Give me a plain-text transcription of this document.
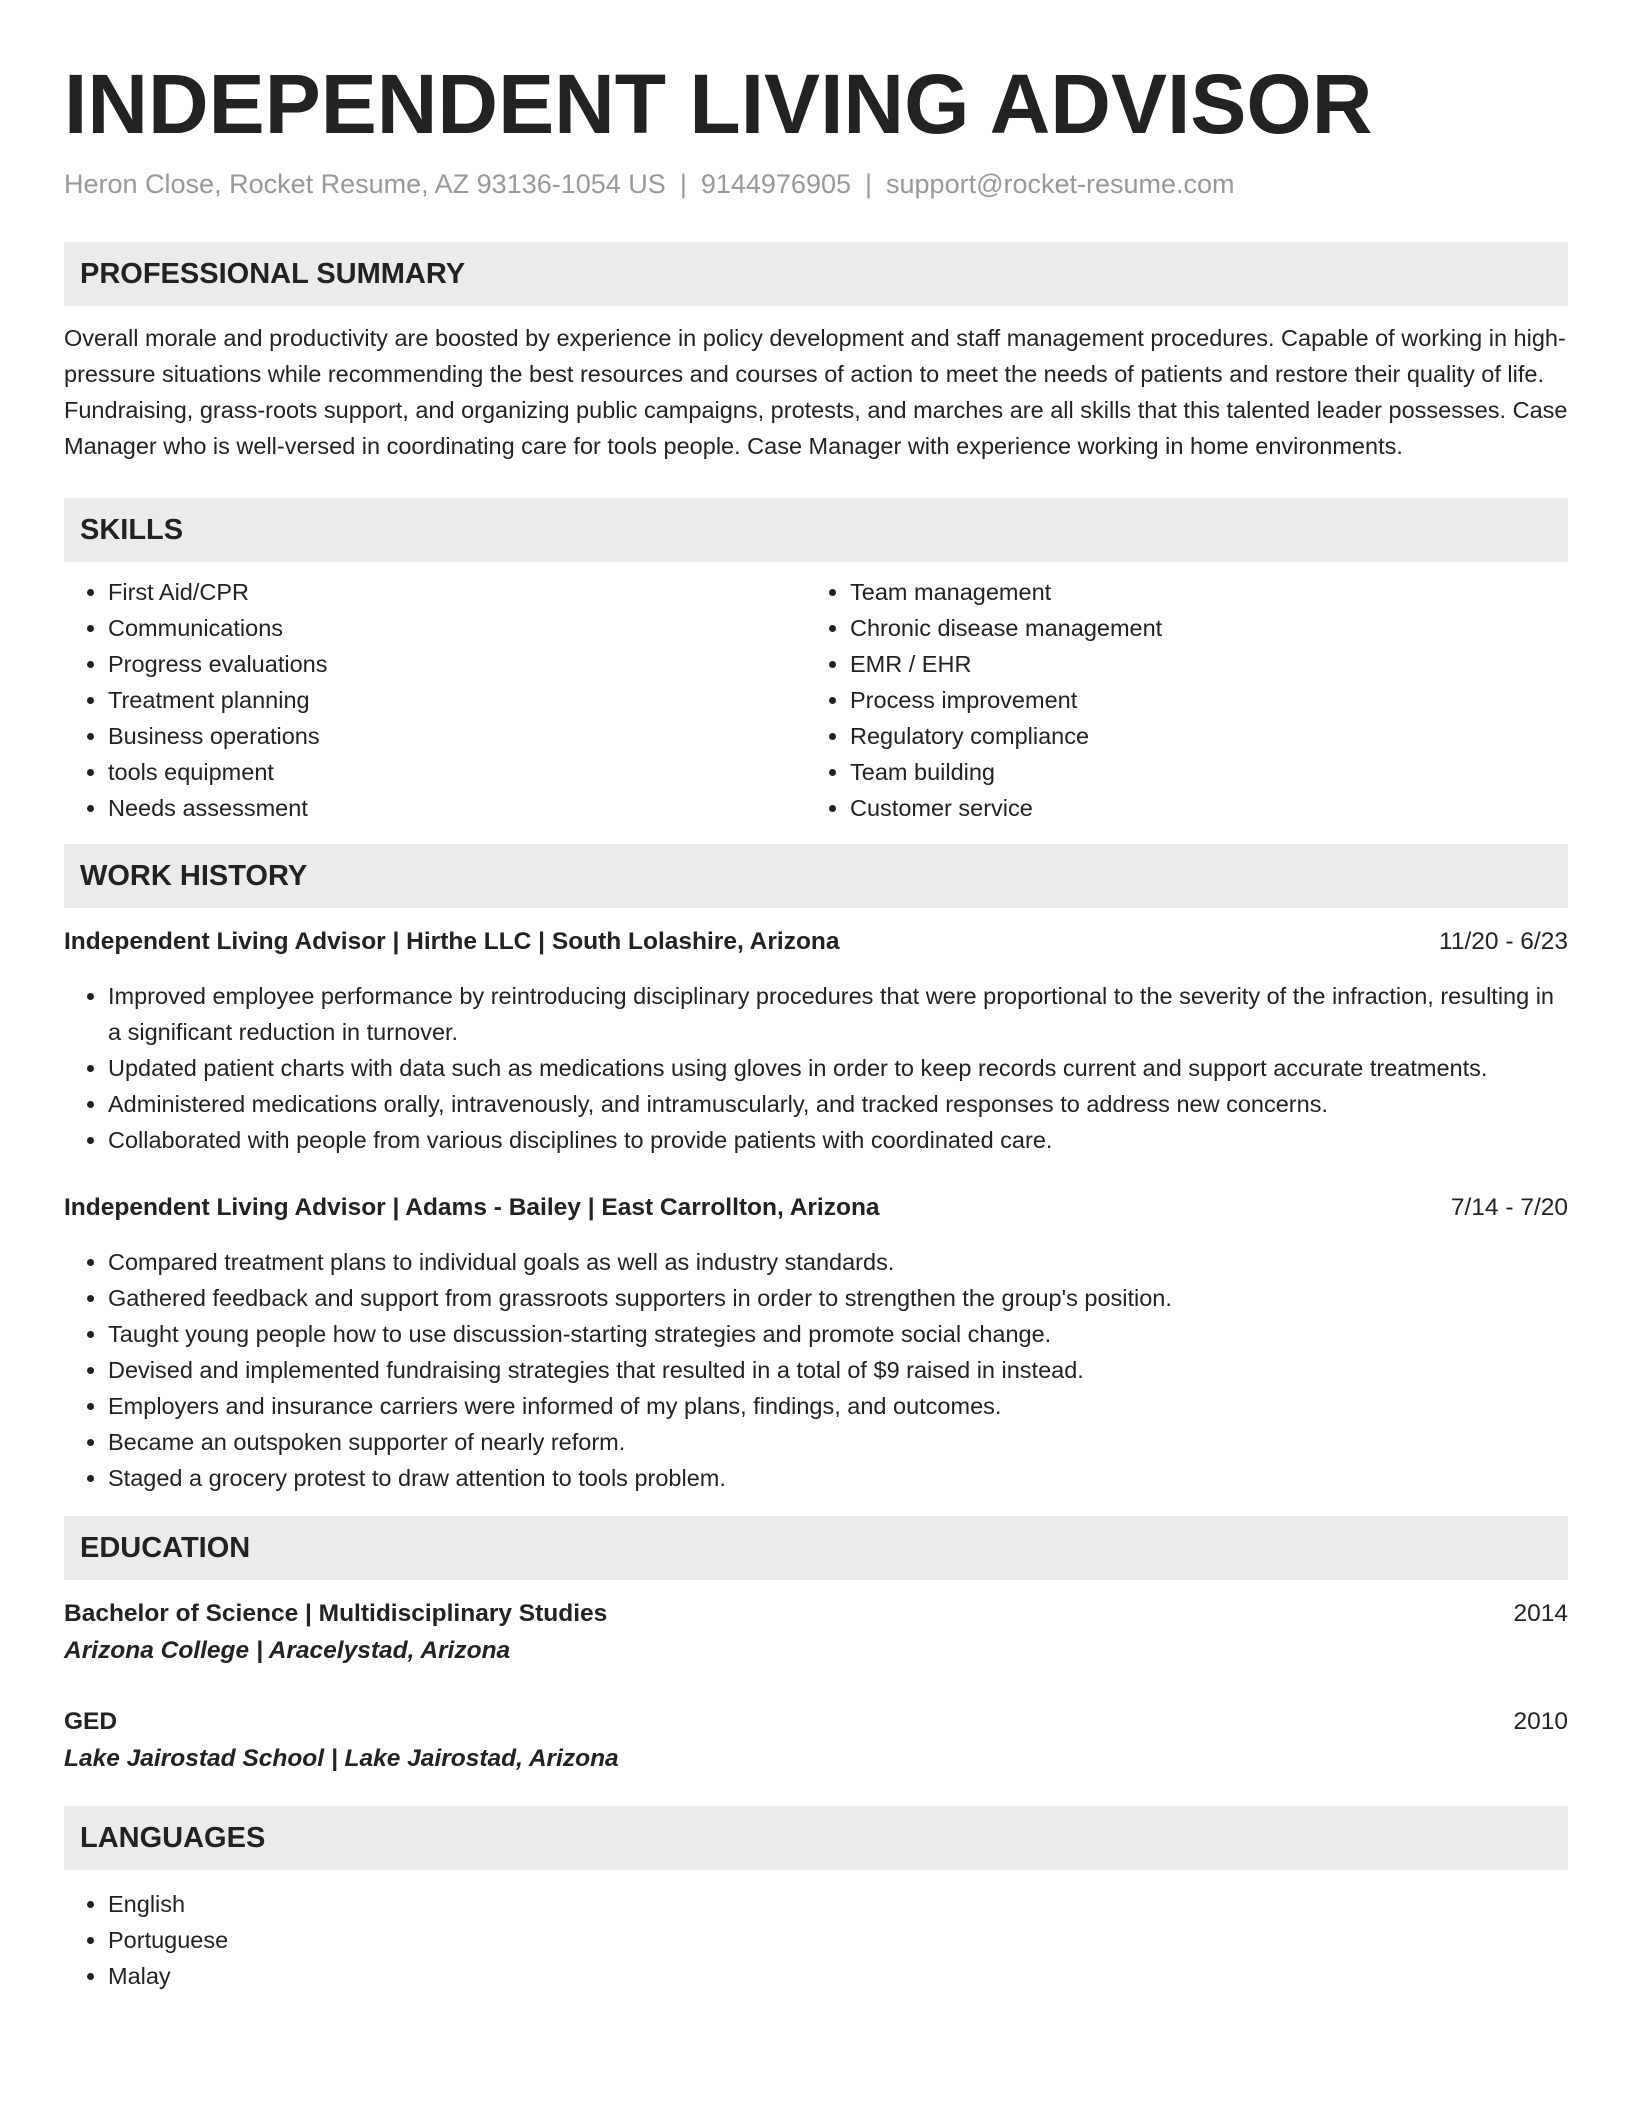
INDEPENDENT LIVING ADVISOR
Heron Close, Rocket Resume, AZ 93136-1054 US | 9144976905 | support@rocket-resume.com
PROFESSIONAL SUMMARY

Overall morale and productivity are boosted by experience in policy development and staff management procedures. Capable of working in high-pressure situations while recommending the best resources and courses of action to meet the needs of patients and restore their quality of life. Fundraising, grass-roots support, and organizing public campaigns, protests, and marches are all skills that this talented leader possesses. Case Manager who is well-versed in coordinating care for tools people. Case Manager with experience working in home environments.

SKILLS
• First Aid/CPR
• Communications
• Progress evaluations
• Treatment planning
• Business operations
• tools equipment
• Needs assessment
• Team management
• Chronic disease management
• EMR / EHR
• Process improvement
• Regulatory compliance
• Team building
• Customer service
WORK HISTORY
Independent Living Advisor | Hirthe LLC | South Lolashire, Arizona	11/20 - 6/23
• Improved employee performance by reintroducing disciplinary procedures that were proportional to the severity of the infraction, resulting in a significant reduction in turnover.
• Updated patient charts with data such as medications using gloves in order to keep records current and support accurate treatments.
• Administered medications orally, intravenously, and intramuscularly, and tracked responses to address new concerns.
• Collaborated with people from various disciplines to provide patients with coordinated care.
Independent Living Advisor | Adams - Bailey | East Carrollton, Arizona	7/14 - 7/20
• Compared treatment plans to individual goals as well as industry standards.
• Gathered feedback and support from grassroots supporters in order to strengthen the group's position.
• Taught young people how to use discussion-starting strategies and promote social change.
• Devised and implemented fundraising strategies that resulted in a total of $9 raised in instead.
• Employers and insurance carriers were informed of my plans, findings, and outcomes.
• Became an outspoken supporter of nearly reform.
• Staged a grocery protest to draw attention to tools problem.
EDUCATION
Bachelor of Science | Multidisciplinary Studies	2014
Arizona College | Aracelystad, Arizona
GED	2010
Lake Jairostad School | Lake Jairostad, Arizona
LANGUAGES
• English
• Portuguese
• Malay
